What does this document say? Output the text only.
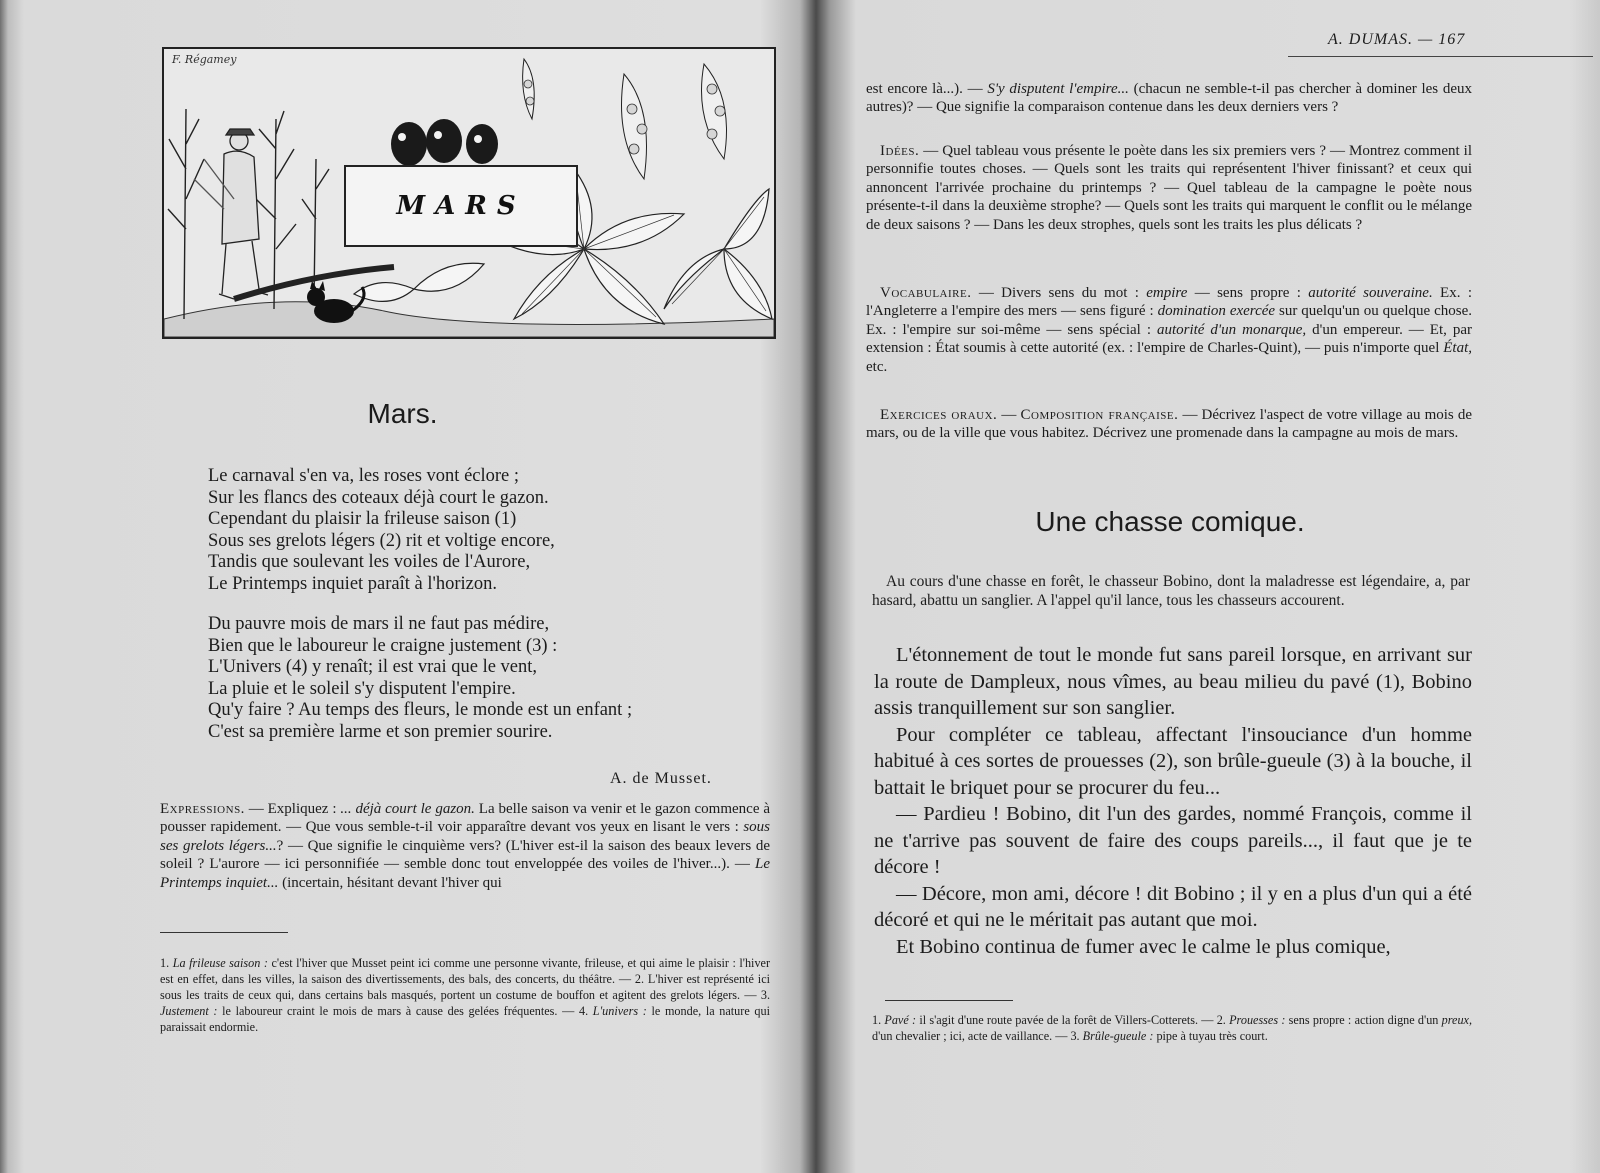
F. Régamey
MARS
Mars.
Le carnaval s'en va, les roses vont éclore ;
Sur les flancs des coteaux déjà court le gazon.
Cependant du plaisir la frileuse saison (1)
Sous ses grelots légers (2) rit et voltige encore,
Tandis que soulevant les voiles de l'Aurore,
Le Printemps inquiet paraît à l'horizon.
Du pauvre mois de mars il ne faut pas médire,
Bien que le laboureur le craigne justement (3) :
L'Univers (4) y renaît; il est vrai que le vent,
La pluie et le soleil s'y disputent l'empire.
Qu'y faire ? Au temps des fleurs, le monde est un enfant ;
C'est sa première larme et son premier sourire.
A. de Musset.
Expressions. — Expliquez : ... déjà court le gazon. La belle saison va venir et le gazon commence à pousser rapidement. — Que vous semble-t-il voir apparaître devant vos yeux en lisant le vers : sous ses grelots légers...? — Que signifie le cinquième vers? (L'hiver est-il la saison des beaux levers de soleil ? L'aurore — ici personnifiée — semble donc tout enveloppée des voiles de l'hiver...). — Le Printemps inquiet... (incertain, hésitant devant l'hiver qui
1. La frileuse saison : c'est l'hiver que Musset peint ici comme une personne vivante, frileuse, et qui aime le plaisir : l'hiver est en effet, dans les villes, la saison des divertissements, des bals, des concerts, du théâtre. — 2. L'hiver est représenté ici sous les traits de ceux qui, dans certains bals masqués, portent un costume de bouffon et agitent des grelots légers. — 3. Justement : le laboureur craint le mois de mars à cause des gelées fréquentes. — 4. L'univers : le monde, la nature qui paraissait endormie.
A. DUMAS. — 167
est encore là...). — S'y disputent l'empire... (chacun ne semble-t-il pas chercher à dominer les deux autres)? — Que signifie la comparaison contenue dans les deux derniers vers ?
Idées. — Quel tableau vous présente le poète dans les six premiers vers ? — Montrez comment il personnifie toutes choses. — Quels sont les traits qui représentent l'hiver finissant? et ceux qui annoncent l'arrivée prochaine du printemps ? — Quel tableau de la campagne le poète nous présente-t-il dans la deuxième strophe? — Quels sont les traits qui marquent le conflit ou le mélange de deux saisons ? — Dans les deux strophes, quels sont les traits les plus délicats ?
Vocabulaire. — Divers sens du mot : empire — sens propre : autorité souveraine. Ex. : l'Angleterre a l'empire des mers — sens figuré : domination exercée sur quelqu'un ou quelque chose. Ex. : l'empire sur soi-même — sens spécial : autorité d'un monarque, d'un empereur. — Et, par extension : État soumis à cette autorité (ex. : l'empire de Charles-Quint), — puis n'importe quel État, etc.
Exercices oraux. — Composition française. — Décrivez l'aspect de votre village au mois de mars, ou de la ville que vous habitez. Décrivez une promenade dans la campagne au mois de mars.
Une chasse comique.
Au cours d'une chasse en forêt, le chasseur Bobino, dont la maladresse est légendaire, a, par hasard, abattu un sanglier. A l'appel qu'il lance, tous les chasseurs accourent.

L'étonnement de tout le monde fut sans pareil lorsque, en arrivant sur la route de Dampleux, nous vîmes, au beau milieu du pavé (1), Bobino assis tranquillement sur son sanglier.

Pour compléter ce tableau, affectant l'insouciance d'un homme habitué à ces sortes de prouesses (2), son brûle-gueule (3) à la bouche, il battait le briquet pour se procurer du feu...

— Pardieu ! Bobino, dit l'un des gardes, nommé François, comme il ne t'arrive pas souvent de faire des coups pareils..., il faut que je te décore !

— Décore, mon ami, décore ! dit Bobino ; il y en a plus d'un qui a été décoré et qui ne le méritait pas autant que moi.

Et Bobino continua de fumer avec le calme le plus comique,

1. Pavé : il s'agit d'une route pavée de la forêt de Villers-Cotterets. — 2. Prouesses : sens propre : action digne d'un preux, d'un chevalier ; ici, acte de vaillance. — 3. Brûle-gueule : pipe à tuyau très court.
